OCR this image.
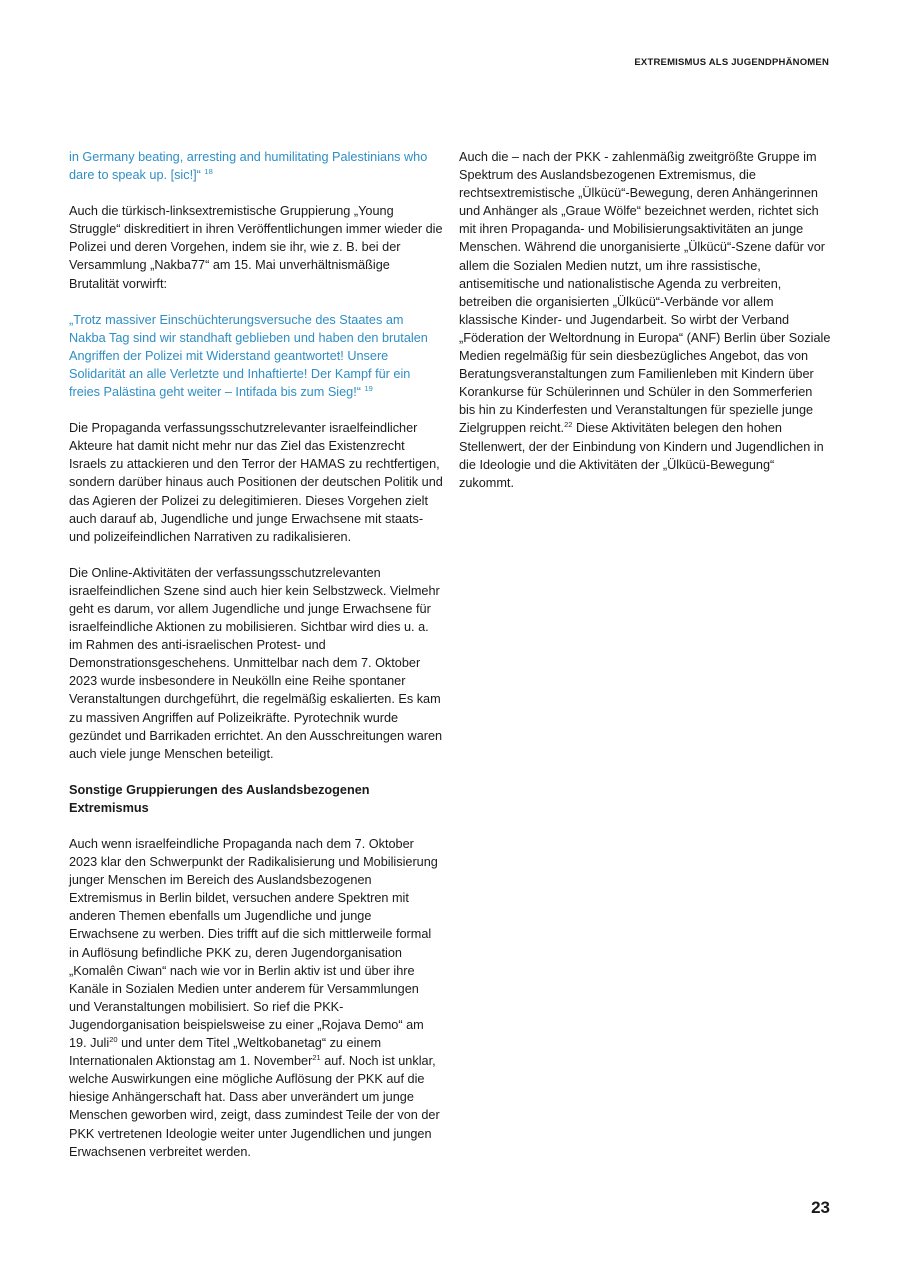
EXTREMISMUS ALS JUGENDPHÄNOMEN

in Germany beating, arresting and humilitating Palestinians who dare to speak up. [sic!]“ $^{18}$

Auch die türkisch-linksextremistische Gruppierung „Young Struggle“ diskreditiert in ihren Veröffentlichungen immer wieder die Polizei und deren Vorgehen, indem sie ihr, wie z. B. bei der Versammlung „Nakba77“ am 15. Mai unverhältnismäßige Brutalität vorwirft:

„Trotz massiver Einschüchterungsversuche des Staates am Nakba Tag sind wir standhaft geblieben und haben den brutalen Angriffen der Polizei mit Widerstand geantwortet! Unsere Solidarität an alle Verletzte und Inhaftierte! Der Kampf für ein freies Palästina geht weiter – Intifada bis zum Sieg!“ $^{19}$

Die Propaganda verfassungsschutzrelevanter israelfeindlicher Akteure hat damit nicht mehr nur das Ziel das Existenzrecht Israels zu attackieren und den Terror der HAMAS zu rechtfertigen, sondern darüber hinaus auch Positionen der deutschen Politik und das Agieren der Polizei zu delegitimieren. Dieses Vorgehen zielt auch darauf ab, Jugendliche und junge Erwachsene mit staats- und polizeifeindlichen Narrativen zu radikalisieren.

Die Online-Aktivitäten der verfassungsschutzrelevanten israelfeindlichen Szene sind auch hier kein Selbstzweck. Vielmehr geht es darum, vor allem Jugendliche und junge Erwachsene für israelfeindliche Aktionen zu mobilisieren. Sichtbar wird dies u. a. im Rahmen des anti-israelischen Protest- und Demonstrationsgeschehens. Unmittelbar nach dem 7. Oktober 2023 wurde insbesondere in Neukölln eine Reihe spontaner Veranstaltungen durchgeführt, die regelmäßig eskalierten. Es kam zu massiven Angriffen auf Polizeikräfte. Pyrotechnik wurde gezündet und Barrikaden errichtet. An den Ausschreitungen waren auch viele junge Menschen beteiligt.

Sonstige Gruppierungen des Auslandsbezogenen Extremismus

Auch wenn israelfeindliche Propaganda nach dem 7. Oktober 2023 klar den Schwerpunkt der Radikalisierung und Mobilisierung junger Menschen im Bereich des Auslandsbezogenen Extremismus in Berlin bildet, versuchen andere Spektren mit anderen Themen ebenfalls um Jugendliche und junge Erwachsene zu werben. Dies trifft auf die sich mittlerweile formal in Auflösung befindliche PKK zu, deren Jugendorganisation „Komalên Ciwan“ nach wie vor in Berlin aktiv ist und über ihre Kanäle in Sozialen Medien unter anderem für Versammlungen und Veranstaltungen mobilisiert. So rief die PKK-Jugendorganisation beispielsweise zu einer „Rojava Demo“ am 19. Juli$^{20}$ und unter dem Titel „Weltkobanetag“ zu einem Internationalen Aktionstag am 1. November$^{21}$ auf. Noch ist unklar, welche Auswirkungen eine mögliche Auflösung der PKK auf die hiesige Anhängerschaft hat. Dass aber unverändert um junge Menschen geworben wird, zeigt, dass zumindest Teile der von der PKK vertretenen Ideologie weiter unter Jugendlichen und jungen Erwachsenen verbreitet werden.

Auch die – nach der PKK - zahlenmäßig zweitgrößte Gruppe im Spektrum des Auslandsbezogenen Extremismus, die rechtsextremistische „Ülkücü“-Bewegung, deren Anhängerinnen und Anhänger als „Graue Wölfe“ bezeichnet werden, richtet sich mit ihren Propaganda- und Mobilisierungsaktivitäten an junge Menschen. Während die unorganisierte „Ülkücü“-Szene dafür vor allem die Sozialen Medien nutzt, um ihre rassistische, antisemitische und nationalistische Agenda zu verbreiten, betreiben die organisierten „Ülkücü“-Verbände vor allem klassische Kinder- und Jugendarbeit. So wirbt der Verband „Föderation der Weltordnung in Europa“ (ANF) Berlin über Soziale Medien regelmäßig für sein diesbezügliches Angebot, das von Beratungsveranstaltungen zum Familienleben mit Kindern über Korankurse für Schülerinnen und Schüler in den Sommerferien bis hin zu Kinderfesten und Veranstaltungen für spezielle junge Zielgruppen reicht.$^{22}$ Diese Aktivitäten belegen den hohen Stellenwert, der der Einbindung von Kindern und Jugendlichen in die Ideologie und die Aktivitäten der „Ülkücü-Bewegung“ zukommt.

23
